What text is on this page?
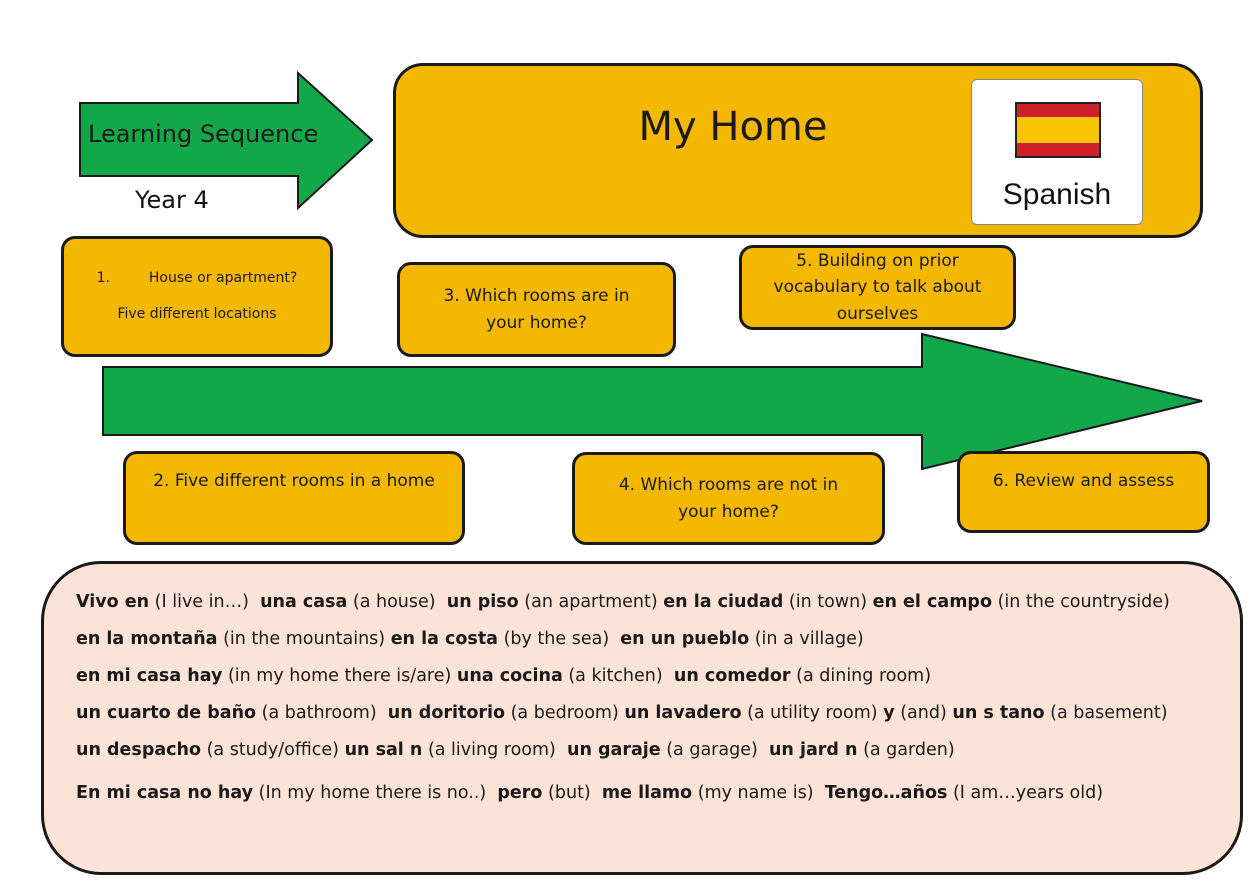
Learning Sequence
Year 4
My Home
Spanish
1.	House or apartment?
Five different locations
2. Five different rooms in a home
3. Which rooms are in your home?
4. Which rooms are not in your home?
5. Building on prior vocabulary to talk about ourselves
6. Review and assess
Vivo en (I live in…) una casa (a house) un piso (an apartment) en la ciudad (in town) en el campo (in the countryside)
en la montaña (in the mountains) en la costa (by the sea) en un pueblo (in a village)
en mi casa hay (in my home there is/are) una cocina (a kitchen) un comedor (a dining room)
un cuarto de baño (a bathroom) un doritorio (a bedroom) un lavadero (a utility room) y (and) un s tano (a basement)
un despacho (a study/office) un sal n (a living room) un garaje (a garage) un jard n (a garden)
En mi casa no hay (In my home there is no..) pero (but) me llamo (my name is) Tengo…años (I am…years old)
